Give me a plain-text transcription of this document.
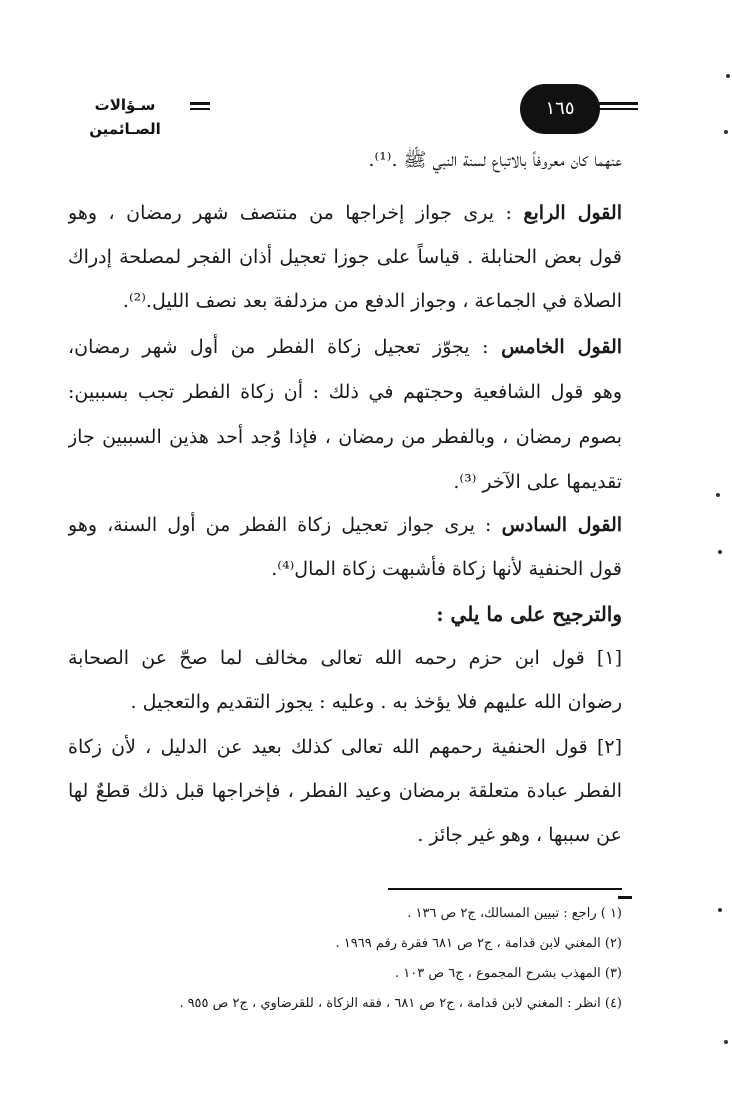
سـؤالات الصـائمين
١٦٥
عنهما كان معروفاً بالاتباع لسنة النبي ﷺ .⁽¹⁾.
القول الرابع : يرى جواز إخراجها من منتصف شهر رمضان ، وهو
قول بعض الحنابلة . قياساً على جوزا تعجيل أذان الفجر لمصلحة إدراك
الصلاة في الجماعة ، وجواز الدفع من مزدلفة بعد نصف الليل.⁽²⁾.
القول الخامس : يجوّز تعجيل زكاة الفطر من أول شهر رمضان،
وهو قول الشافعية وحجتهم في ذلك : أن زكاة الفطر تجب بسببين:
بصوم رمضان ، وبالفطر من رمضان ، فإذا وُجد أحد هذين السببين جاز
تقديمها على الآخر ⁽³⁾.
القول السادس : يرى جواز تعجيل زكاة الفطر من أول السنة، وهو
قول الحنفية لأنها زكاة فأشبهت زكاة المال⁽⁴⁾.
والترجيح على ما يلي :
[١] قول ابن حزم رحمه الله تعالى مخالف لما صحّ عن الصحابة
رضوان الله عليهم فلا يؤخذ به . وعليه : يجوز التقديم والتعجيل .
[٢] قول الحنفية رحمهم الله تعالى كذلك بعيد عن الدليل ، لأن زكاة
الفطر عبادة متعلقة برمضان وعيد الفطر ، فإخراجها قبل ذلك قطعٌ لها
عن سببها ، وهو غير جائز .
(١ ) راجع : تبيين المسالك، ج٢ ص ١٣٦ .
(٢) المغني لابن قدامة ، ج٢ ص ٦٨١ فقرة رقم ١٩٦٩ .
(٣) المهذب بشرح المجموع ، ج٦ ص ١٠٣ .
(٤) انظر : المغني لابن قدامة ، ج٢ ص ٦٨١ ، فقه الزكاة ، للقرضاوي ، ج٢ ص ٩٥٥ .
